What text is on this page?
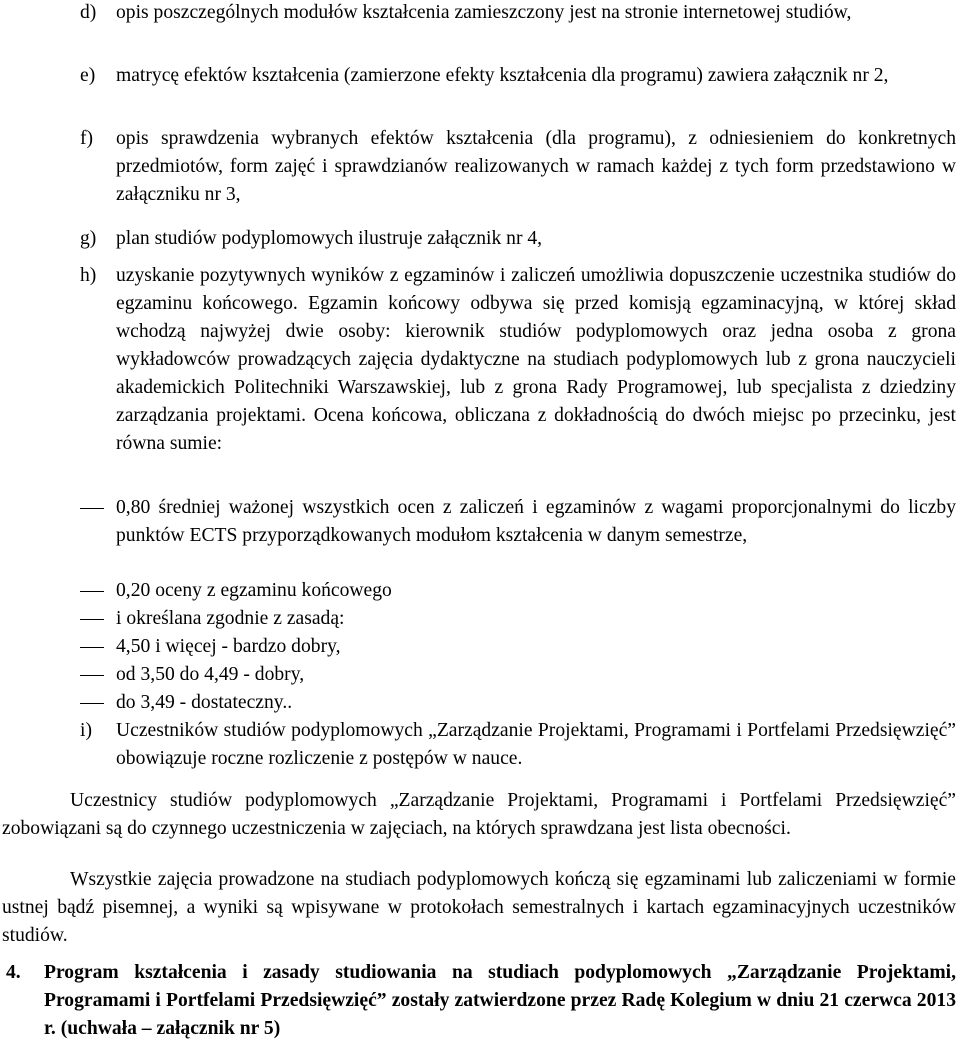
d)	opis poszczególnych modułów kształcenia zamieszczony jest na stronie internetowej studiów,
e)	matrycę efektów kształcenia (zamierzone efekty kształcenia dla programu) zawiera załącznik nr 2,
f)	opis sprawdzenia wybranych efektów kształcenia (dla programu), z odniesieniem do konkretnych przedmiotów, form zajęć i sprawdzianów realizowanych w ramach każdej z tych form przedstawiono w załączniku nr 3,
g)	plan studiów podyplomowych ilustruje załącznik nr 4,
h)	uzyskanie pozytywnych wyników z egzaminów i zaliczeń umożliwia dopuszczenie uczestnika studiów do egzaminu końcowego. Egzamin końcowy odbywa się przed komisją egzaminacyjną, w której skład wchodzą najwyżej dwie osoby: kierownik studiów podyplomowych oraz jedna osoba z grona wykładowców prowadzących zajęcia dydaktyczne na studiach podyplomowych lub z grona nauczycieli akademickich Politechniki Warszawskiej, lub z grona Rady Programowej, lub specjalista z dziedziny zarządzania projektami. Ocena końcowa, obliczana z dokładnością do dwóch miejsc po przecinku, jest równa sumie:
0,80 średniej ważonej wszystkich ocen z zaliczeń i egzaminów z wagami proporcjonalnymi do liczby punktów ECTS przyporządkowanych modułom kształcenia w danym semestrze,
0,20 oceny z egzaminu końcowego
i określana zgodnie z zasadą:
4,50 i więcej - bardzo dobry,
od 3,50 do 4,49 - dobry,
do 3,49 - dostateczny..
i)	Uczestników studiów podyplomowych „Zarządzanie Projektami, Programami i Portfelami Przedsięwzięć” obowiązuje roczne rozliczenie z postępów w nauce.
Uczestnicy studiów podyplomowych „Zarządzanie Projektami, Programami i Portfelami Przedsięwzięć” zobowiązani są do czynnego uczestniczenia w zajęciach, na których sprawdzana jest lista obecności.
Wszystkie zajęcia prowadzone na studiach podyplomowych kończą się egzaminami lub zaliczeniami w formie ustnej bądź pisemnej, a wyniki są wpisywane w protokołach semestralnych i kartach egzaminacyjnych uczestników studiów.
4. Program kształcenia i zasady studiowania na studiach podyplomowych „Zarządzanie Projektami, Programami i Portfelami Przedsięwzięć” zostały zatwierdzone przez Radę Kolegium w dniu 21 czerwca 2013 r. (uchwała – załącznik nr 5)
